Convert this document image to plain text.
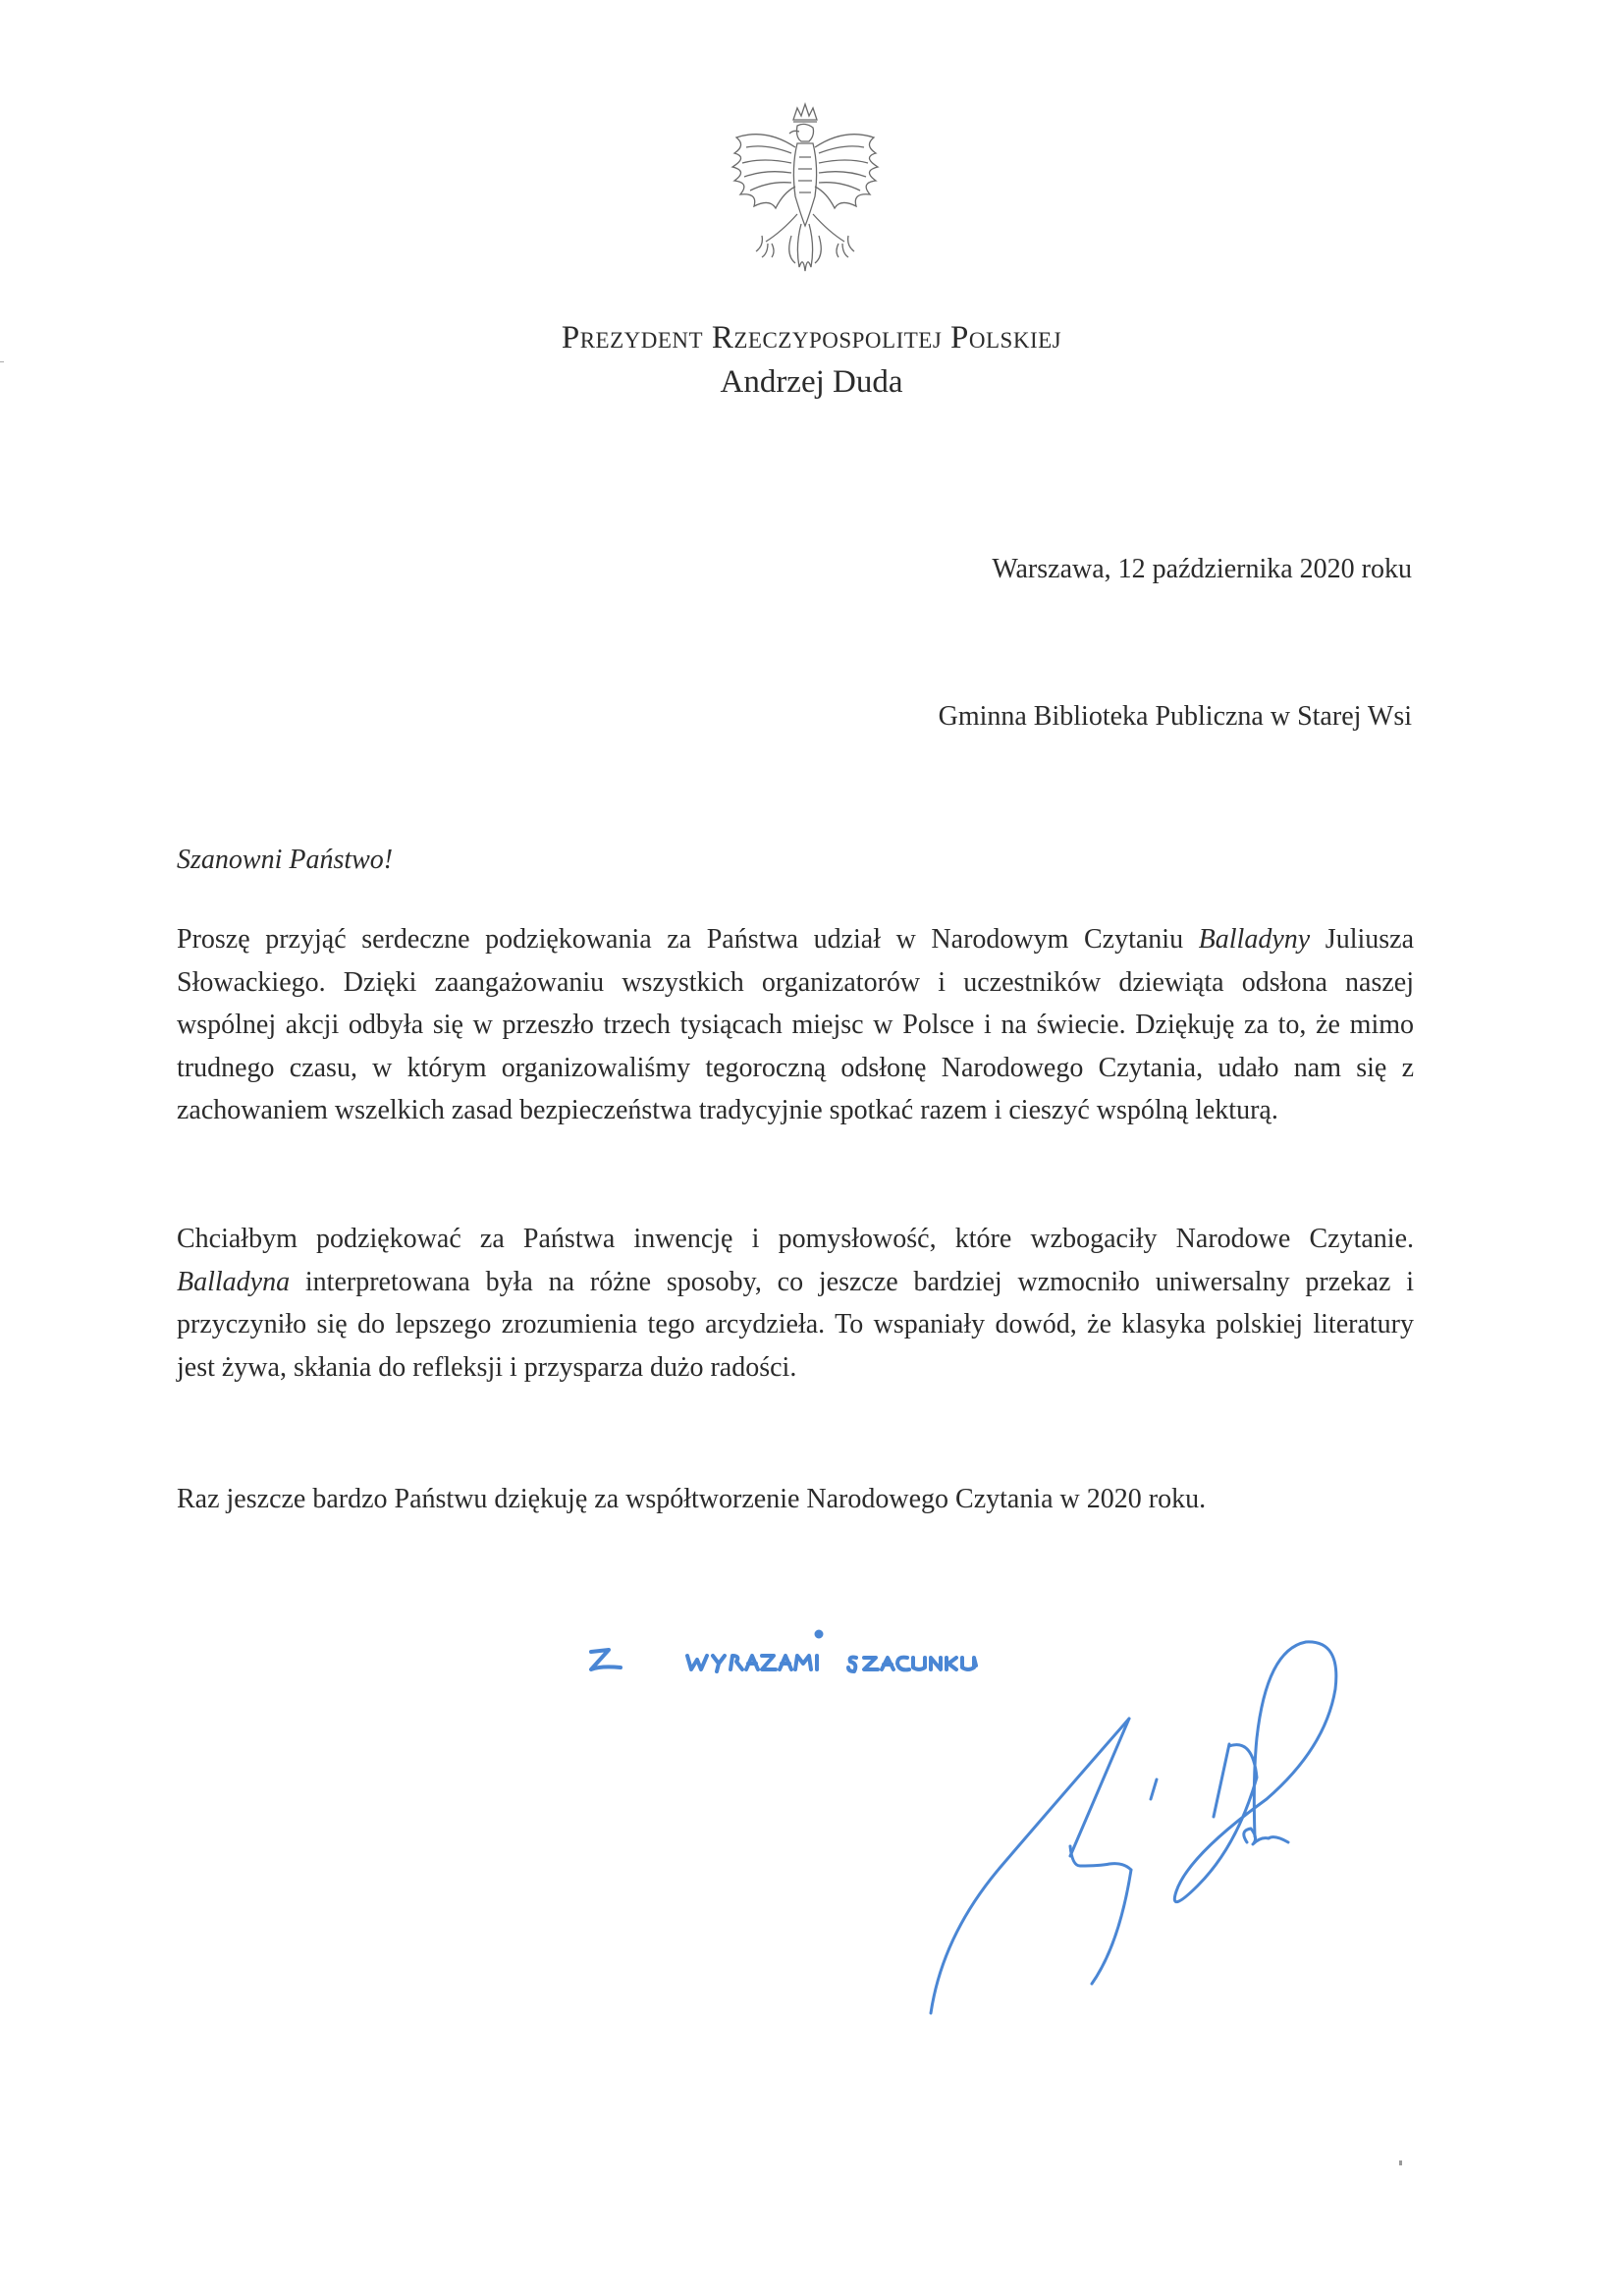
Prezydent Rzeczypospolitej Polskiej
Andrzej Duda
Warszawa, 12 października 2020 roku
Gminna Biblioteka Publiczna w Starej Wsi
Szanowni Państwo!

Proszę przyjąć serdeczne podziękowania za Państwa udział w Narodowym Czytaniu Balladyny Juliusza Słowackiego. Dzięki zaangażowaniu wszystkich organizatorów i uczestników dziewiąta odsłona naszej wspólnej akcji odbyła się w przeszło trzech tysiącach miejsc w Polsce i na świecie. Dziękuję za to, że mimo trudnego czasu, w którym organizowaliśmy tegoroczną odsłonę Narodowego Czytania, udało nam się z zachowaniem wszelkich zasad bezpieczeństwa tradycyjnie spotkać razem i cieszyć wspólną lekturą.

Chciałbym podziękować za Państwa inwencję i pomysłowość, które wzbogaciły Narodowe Czytanie. Balladyna interpretowana była na różne sposoby, co jeszcze bardziej wzmocniło uniwersalny przekaz i przyczyniło się do lepszego zrozumienia tego arcydzieła. To wspaniały dowód, że klasyka polskiej literatury jest żywa, skłania do refleksji i przysparza dużo radości.

Raz jeszcze bardzo Państwu dziękuję za współtworzenie Narodowego Czytania w 2020 roku.
